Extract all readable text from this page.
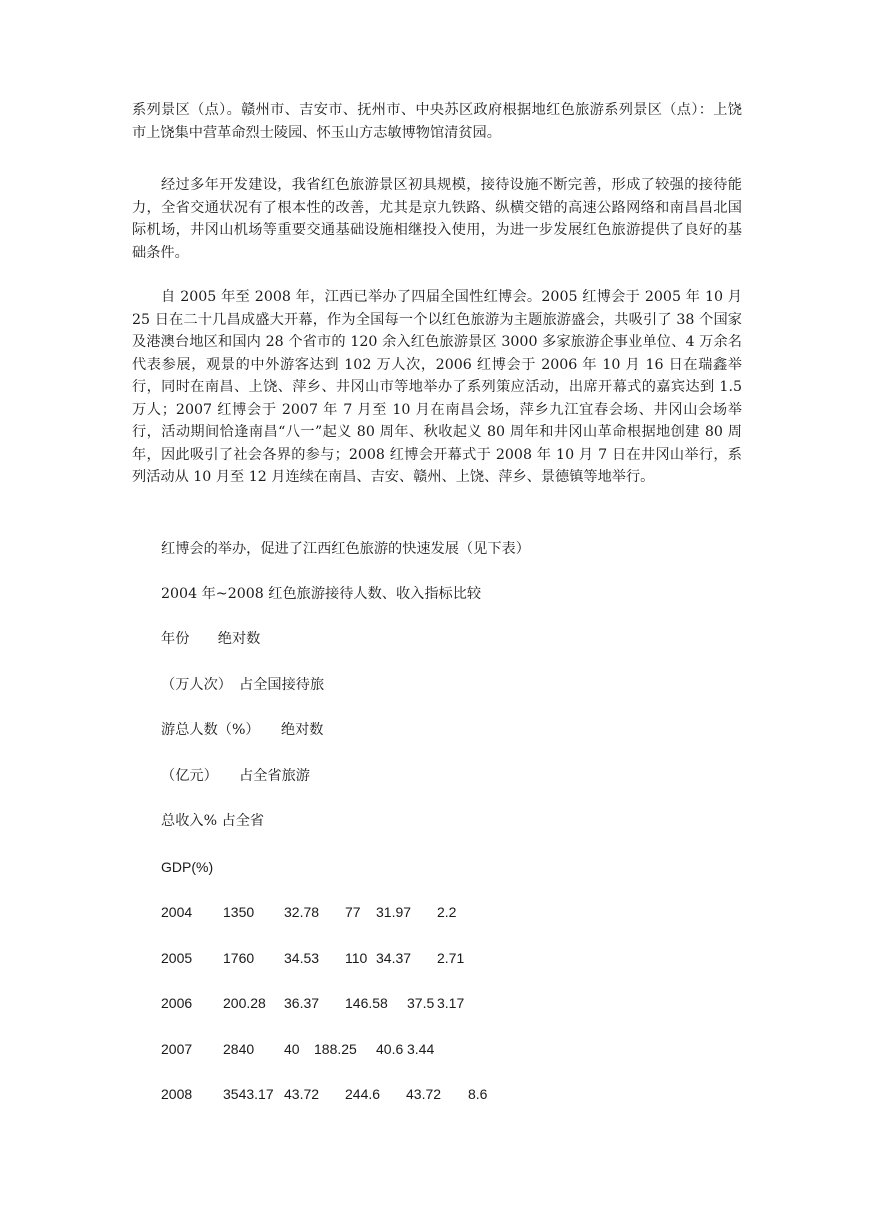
系列景区（点）。赣州市、吉安市、抚州市、中央苏区政府根据地红色旅游系列景区（点）：上饶市上饶集中营革命烈士陵园、怀玉山方志敏博物馆清贫园。

经过多年开发建设，我省红色旅游景区初具规模，接待设施不断完善，形成了较强的接待能力，全省交通状况有了根本性的改善，尤其是京九铁路、纵横交错的高速公路网络和南昌昌北国际机场，井冈山机场等重要交通基础设施相继投入使用，为进一步发展红色旅游提供了良好的基础条件。

自 2005 年至 2008 年，江西已举办了四届全国性红博会。2005 红博会于 2005 年 10 月 25 日在二十几昌成盛大开幕，作为全国每一个以红色旅游为主题旅游盛会，共吸引了 38 个国家及港澳台地区和国内 28 个省市的 120 余入红色旅游景区 3000 多家旅游企事业单位、4 万余名代表参展，观景的中外游客达到 102 万人次，2006 红博会于 2006 年 10 月 16 日在瑞鑫举行，同时在南昌、上饶、萍乡、井冈山市等地举办了系列策应活动，出席开幕式的嘉宾达到 1.5 万人；2007 红博会于 2007 年 7 月至 10 月在南昌会场，萍乡九江宜春会场、井冈山会场举行，活动期间恰逢南昌“八一”起义 80 周年、秋收起义 80 周年和井冈山革命根据地创建 80 周年，因此吸引了社会各界的参与；2008 红博会开幕式于 2008 年 10 月 7 日在井冈山举行，系列活动从 10 月至 12 月连续在南昌、吉安、赣州、上饶、萍乡、景德镇等地举行。

红博会的举办，促进了江西红色旅游的快速发展（见下表）
2004 年~2008 红色旅游接待人数、收入指标比较
年份　　绝对数
（万人次）　占全国接待旅
游总人数（%）　　绝对数
（亿元）　　占全省旅游
总收入% 占全省
GDP(%)
2004 1350 32.78 77 31.97 2.2
2005 1760 34.53 110 34.37 2.71
2006 200.28 36.37 146.58 37.5 3.17
2007 2840 40 188.25 40.6 3.44
2008 3543.17 43.72 244.6 43.72 8.6
